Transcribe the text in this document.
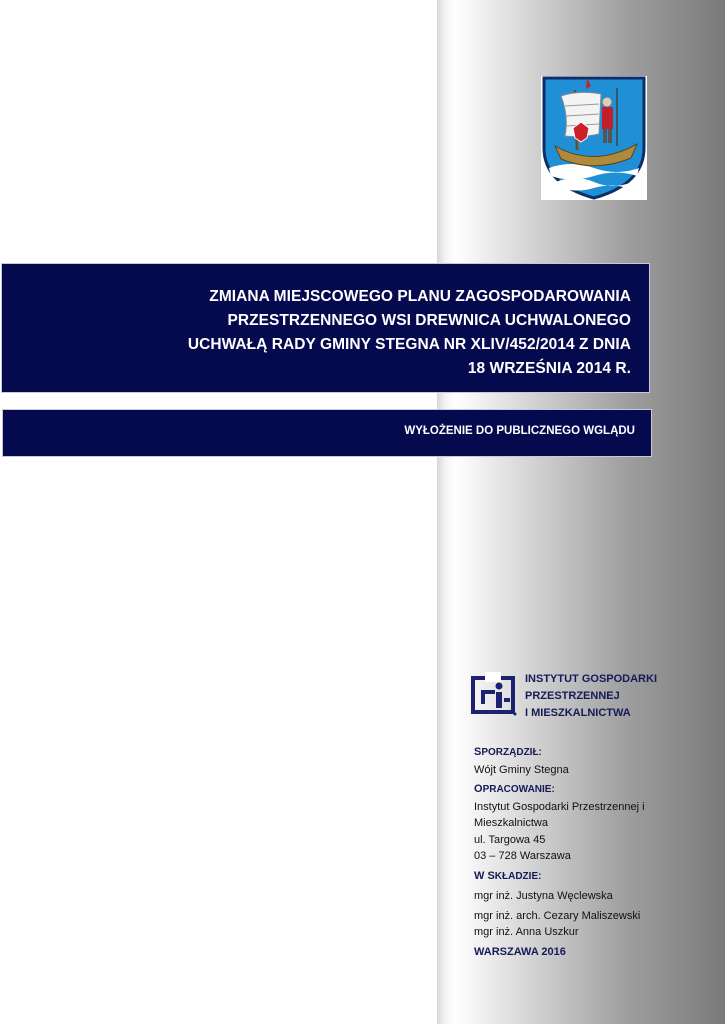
ZMIANA MIEJSCOWEGO PLANU ZAGOSPODAROWANIA
PRZESTRZENNEGO WSI DREWNICA UCHWALONEGO
UCHWAŁĄ RADY GMINY STEGNA NR XLIV/452/2014 Z DNIA
18 WRZEŚNIA 2014 R.
WYŁOŻENIE DO PUBLICZNEGO WGLĄDU
INSTYTUT GOSPODARKI
PRZESTRZENNEJ
I MIESZKALNICTWA
SPORZĄDZIŁ:
Wójt Gminy Stegna
OPRACOWANIE:
Instytut Gospodarki Przestrzennej i
Mieszkalnictwa
ul. Targowa 45
03 – 728 Warszawa
W SKŁADZIE:
mgr inż. Justyna Węclewska
mgr inż. arch. Cezary Maliszewski
mgr inż. Anna Uszkur
WARSZAWA 2016
